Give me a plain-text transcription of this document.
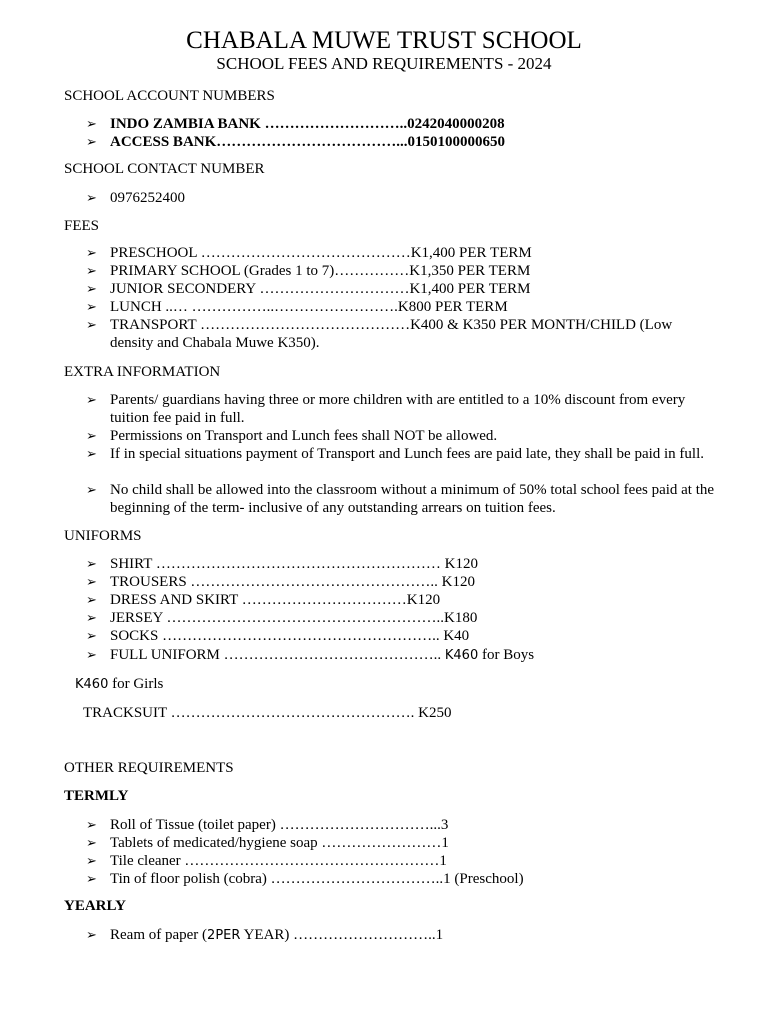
CHABALA MUWE TRUST SCHOOL
SCHOOL FEES AND REQUIREMENTS - 2024
SCHOOL ACCOUNT NUMBERS
➢ INDO ZAMBIA BANK ………………………..0242040000208
➢ ACCESS BANK………………………………...0150100000650
SCHOOL CONTACT NUMBER
➢ 0976252400
FEES
➢ PRESCHOOL ……………………………………K1,400 PER TERM
➢ PRIMARY SCHOOL (Grades 1 to 7)……………K1,350 PER TERM
➢ JUNIOR SECONDERY …………………………K1,400 PER TERM
➢ LUNCH ..… ……………..…………………….K800 PER TERM
➢ TRANSPORT ……………………………………K400 & K350 PER MONTH/CHILD (Low density and Chabala Muwe K350).
EXTRA INFORMATION
➢ Parents/ guardians having three or more children with are entitled to a 10% discount from every tuition fee paid in full.
➢ Permissions on Transport and Lunch fees shall NOT be allowed.
➢ If in special situations payment of Transport and Lunch fees are paid late, they shall be paid in full.
➢ No child shall be allowed into the classroom without a minimum of 50% total school fees paid at the beginning of the term- inclusive of any outstanding arrears on tuition fees.
UNIFORMS
➢ SHIRT ………………………………………………… K120
➢ TROUSERS ………………………………………….. K120
➢ DRESS AND SKIRT ……………………………K120
➢ JERSEY ………………………………………………..K180
➢ SOCKS ……………………………………………….. K40
➢ FULL UNIFORM …………………………………….. K460 for Boys
K460 for Girls
TRACKSUIT …………………………………………. K250
OTHER REQUIREMENTS
TERMLY
➢ Roll of Tissue (toilet paper) …………………………...3
➢ Tablets of medicated/hygiene soap ……………………1
➢ Tile cleaner ……………………………………………1
➢ Tin of floor polish (cobra) ……………………………..1 (Preschool)
YEARLY
➢ Ream of paper (2PER YEAR) ………………………..1
